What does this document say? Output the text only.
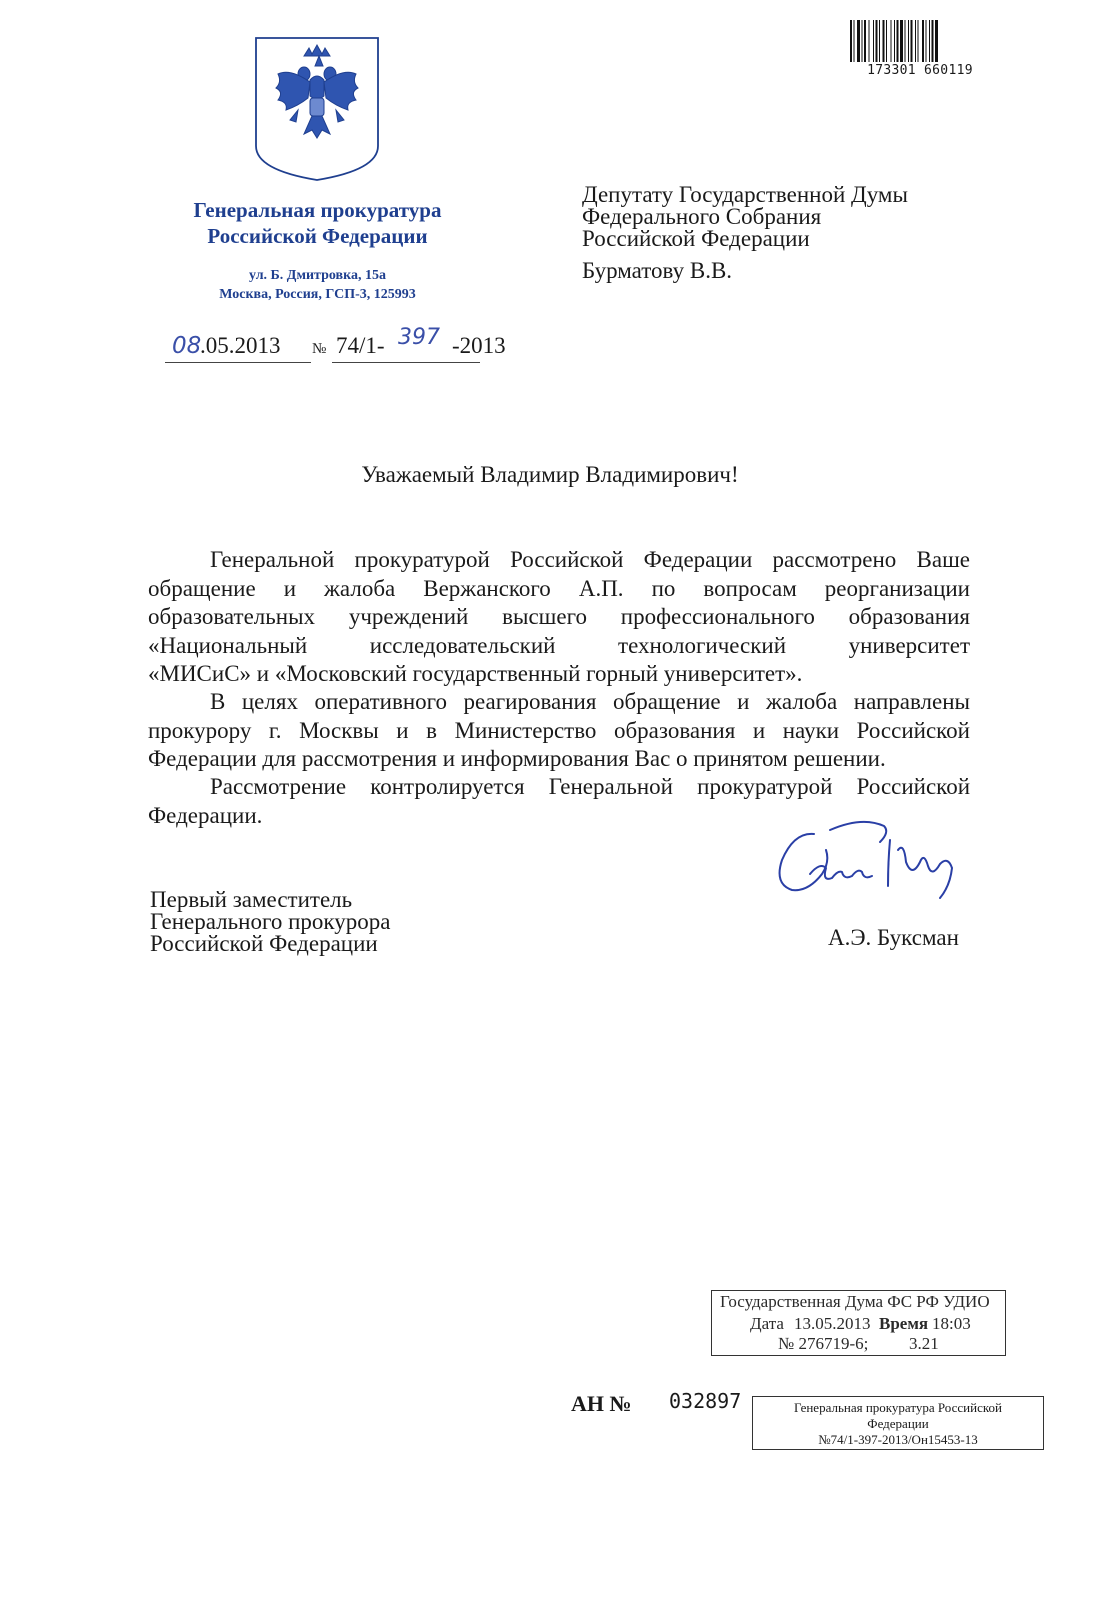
Генеральная прокуратура
Российской Федерации
ул. Б. Дмитровка, 15а
Москва, Россия, ГСП-3, 125993
08
.05.2013 № 74/1- 397 -2013
173301 660119
Депутату Государственной Думы
Федерального Собрания
Российской Федерации
Бурматову В.В.
Уважаемый Владимир Владимирович!
Генеральной прокуратурой Российской Федерации рассмотрено Ваше
обращение и жалоба Вержанского А.П. по вопросам реорганизации
образовательных учреждений высшего профессионального образования
«Национальный исследовательский технологический университет
«МИСиС» и «Московский государственный горный университет».
В целях оперативного реагирования обращение и жалоба направлены
прокурору г. Москвы и в Министерство образования и науки Российской
Федерации для рассмотрения и информирования Вас о принятом решении.
Рассмотрение контролируется Генеральной прокуратурой Российской
Федерации.
Первый заместитель
Генерального прокурора
Российской Федерации	А.Э. Буксман
Государственная Дума ФС РФ УДИО
Дата 13.05.2013 Время 18:03
№ 276719-6; 3.21
АН № 032897	Генеральная прокуратура Российской
Федерации
№74/1-397-2013/Он15453-13
